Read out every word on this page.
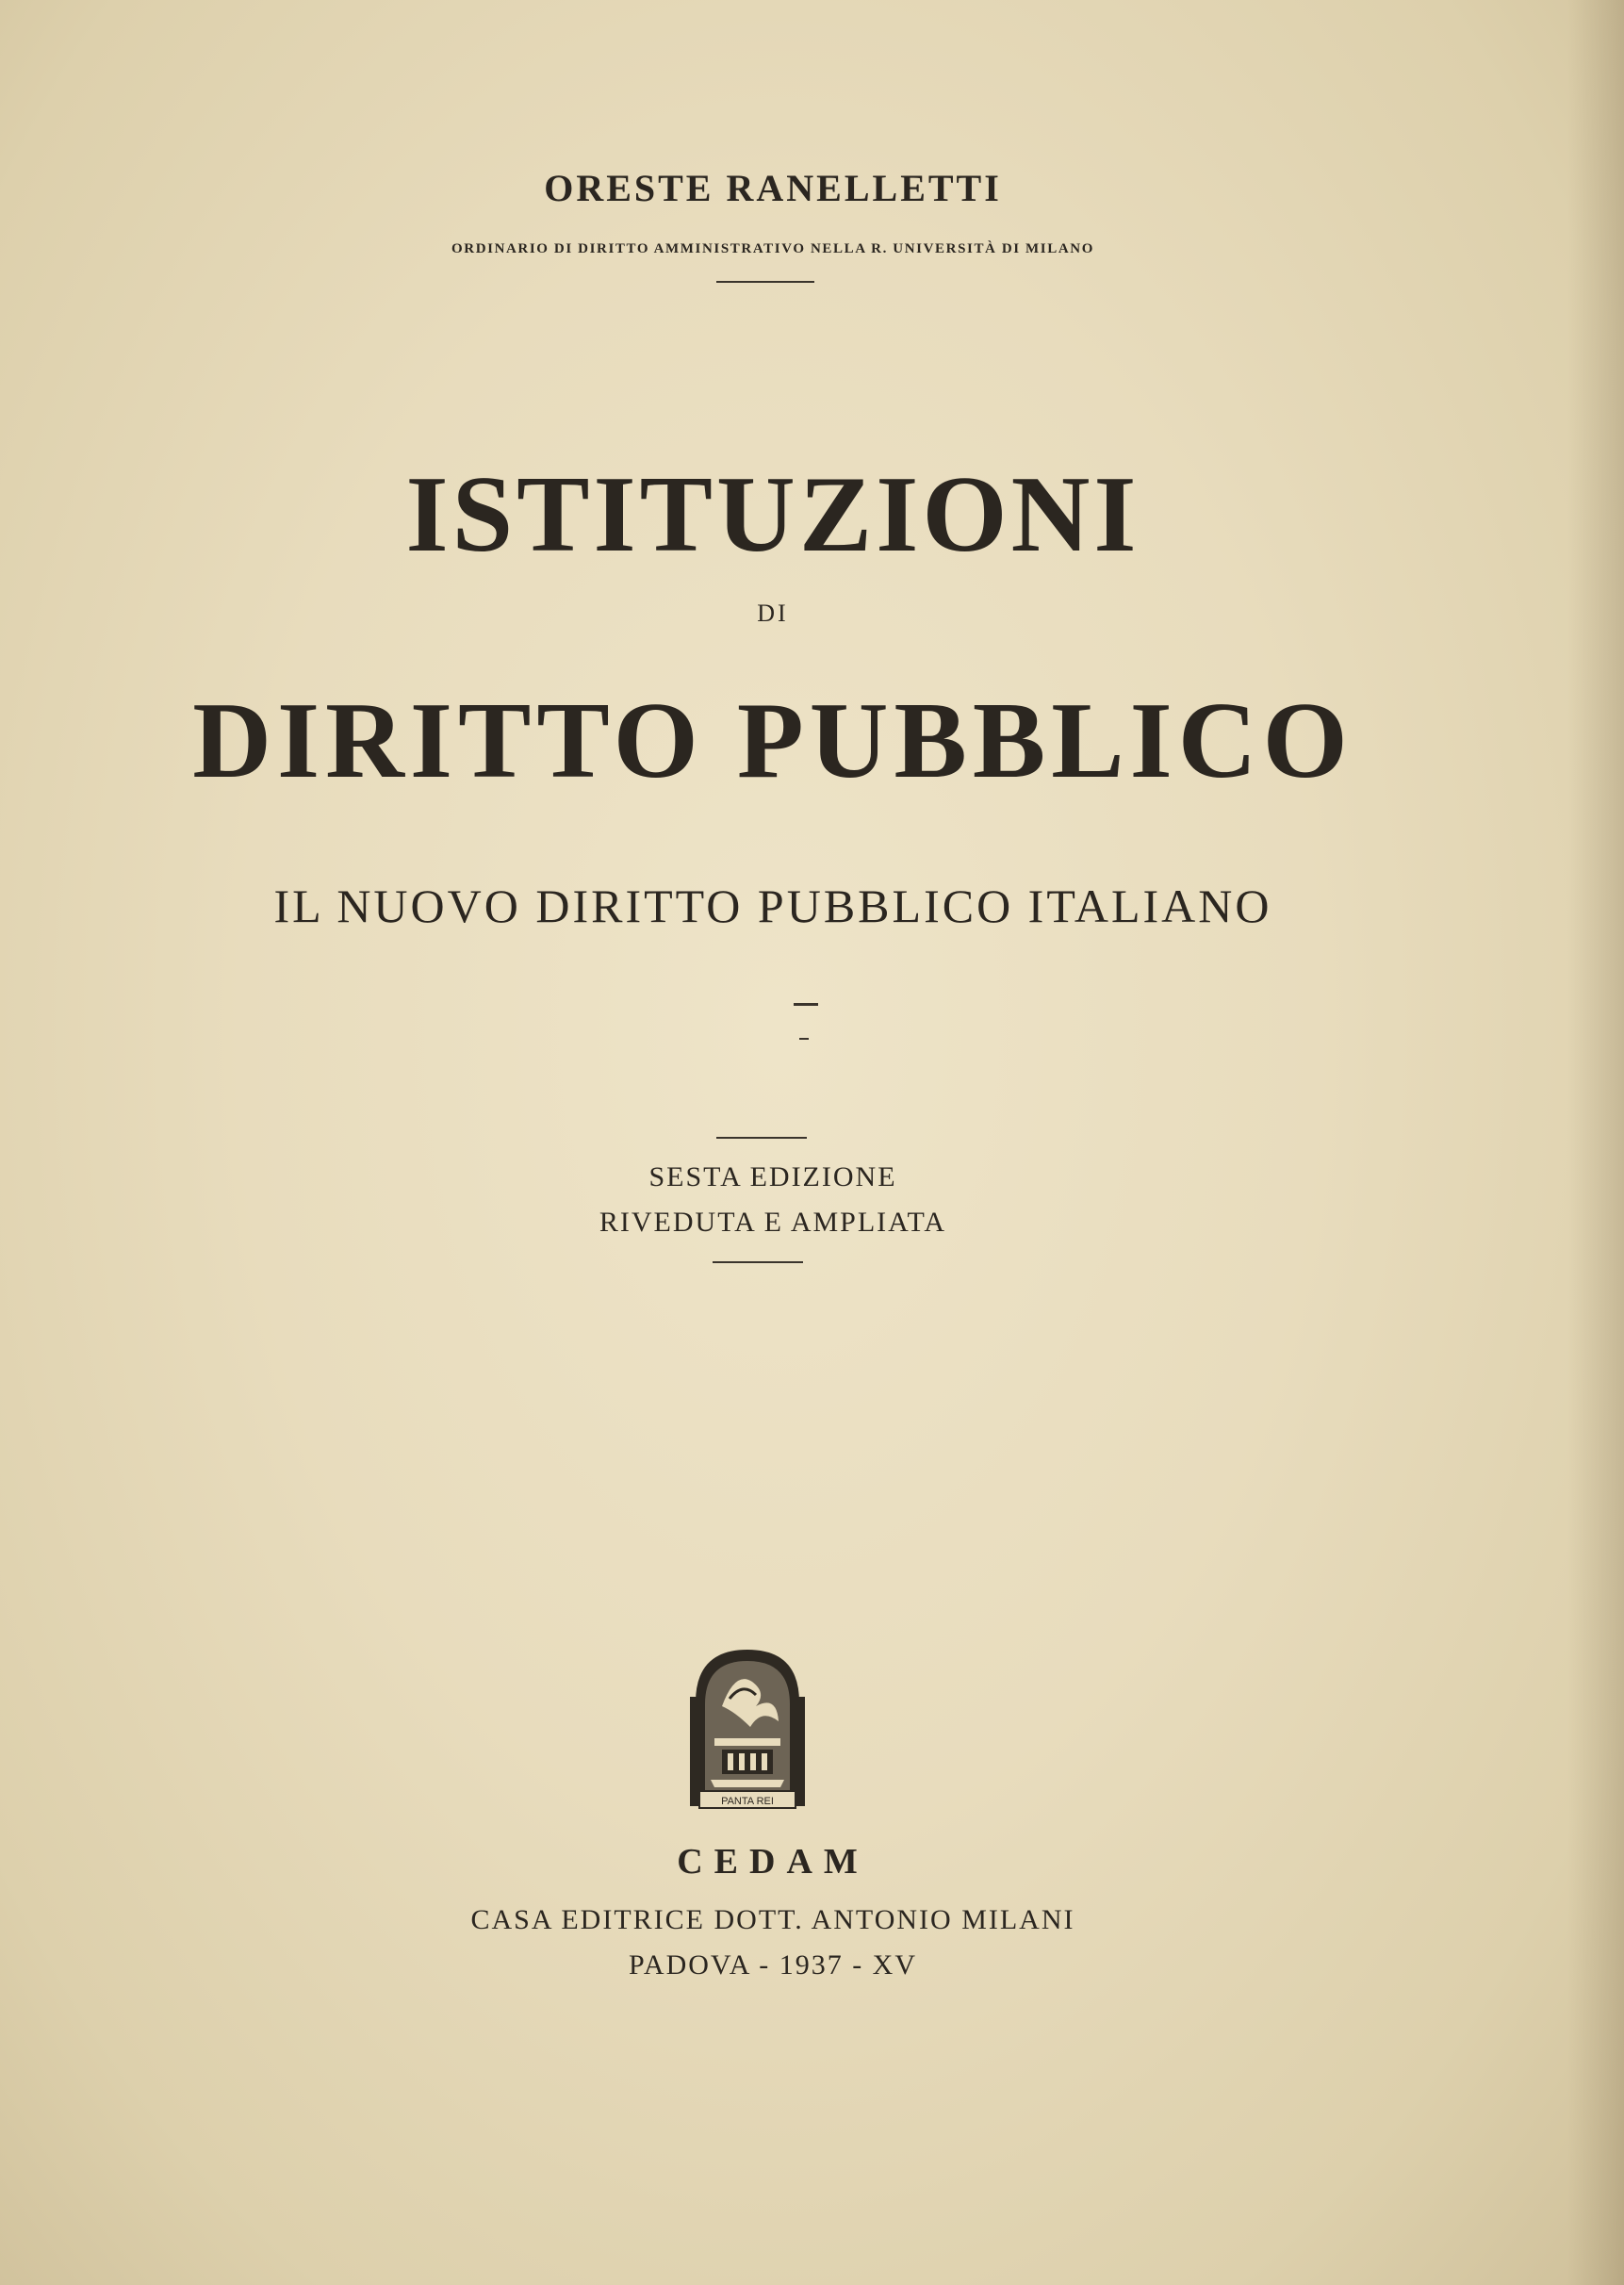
ORESTE RANELLETTI
ORDINARIO DI DIRITTO AMMINISTRATIVO NELLA R. UNIVERSITÀ DI MILANO
ISTITUZIONI
DI
DIRITTO PUBBLICO
IL NUOVO DIRITTO PUBBLICO ITALIANO
SESTA EDIZIONE
RIVEDUTA E AMPLIATA
PANTA REI
CEDAM
CASA EDITRICE DOTT. ANTONIO MILANI
PADOVA - 1937 - XV
